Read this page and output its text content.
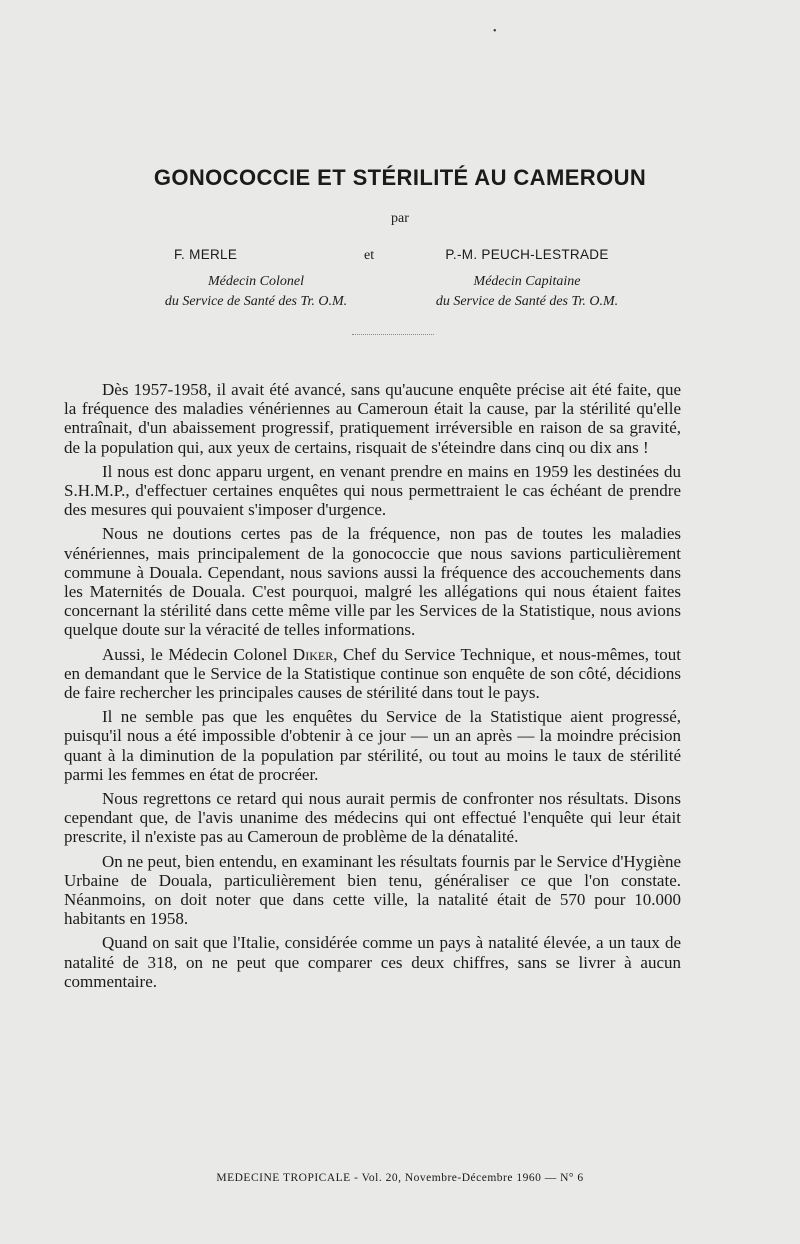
•
GONOCOCCIE ET STÉRILITÉ AU CAMEROUN
par
F. MERLE
Médecin Colonel
du Service de Santé des Tr. O.M.
P.-M. PEUCH-LESTRADE
Médecin Capitaine
du Service de Santé des Tr. O.M.
et

Dès 1957-1958, il avait été avancé, sans qu'aucune enquête précise ait été faite, que la fréquence des maladies vénériennes au Cameroun était la cause, par la stérilité qu'elle entraînait, d'un abaissement progressif, pratiquement irréversible en raison de sa gravité, de la population qui, aux yeux de certains, risquait de s'éteindre dans cinq ou dix ans !

Il nous est donc apparu urgent, en venant prendre en mains en 1959 les destinées du S.H.M.P., d'effectuer certaines enquêtes qui nous permettraient le cas échéant de prendre des mesures qui pouvaient s'imposer d'urgence.

Nous ne doutions certes pas de la fréquence, non pas de toutes les maladies vénériennes, mais principalement de la gonococcie que nous savions particulièrement commune à Douala. Cependant, nous savions aussi la fréquence des accouchements dans les Maternités de Douala. C'est pourquoi, malgré les allégations qui nous étaient faites concernant la stérilité dans cette même ville par les Services de la Statistique, nous avions quelque doute sur la véracité de telles informations.

Aussi, le Médecin Colonel Diker, Chef du Service Technique, et nous-mêmes, tout en demandant que le Service de la Statistique continue son enquête de son côté, décidions de faire rechercher les principales causes de stérilité dans tout le pays.

Il ne semble pas que les enquêtes du Service de la Statistique aient progressé, puisqu'il nous a été impossible d'obtenir à ce jour — un an après — la moindre précision quant à la diminution de la population par stérilité, ou tout au moins le taux de stérilité parmi les femmes en état de procréer.

Nous regrettons ce retard qui nous aurait permis de confronter nos résultats. Disons cependant que, de l'avis unanime des médecins qui ont effectué l'enquête qui leur était prescrite, il n'existe pas au Cameroun de problème de la dénatalité.

On ne peut, bien entendu, en examinant les résultats fournis par le Service d'Hygiène Urbaine de Douala, particulièrement bien tenu, généraliser ce que l'on constate. Néanmoins, on doit noter que dans cette ville, la natalité était de 570 pour 10.000 habitants en 1958.

Quand on sait que l'Italie, considérée comme un pays à natalité élevée, a un taux de natalité de 318, on ne peut que comparer ces deux chiffres, sans se livrer à aucun commentaire.

MEDECINE TROPICALE - Vol. 20, Novembre-Décembre 1960 — N° 6
